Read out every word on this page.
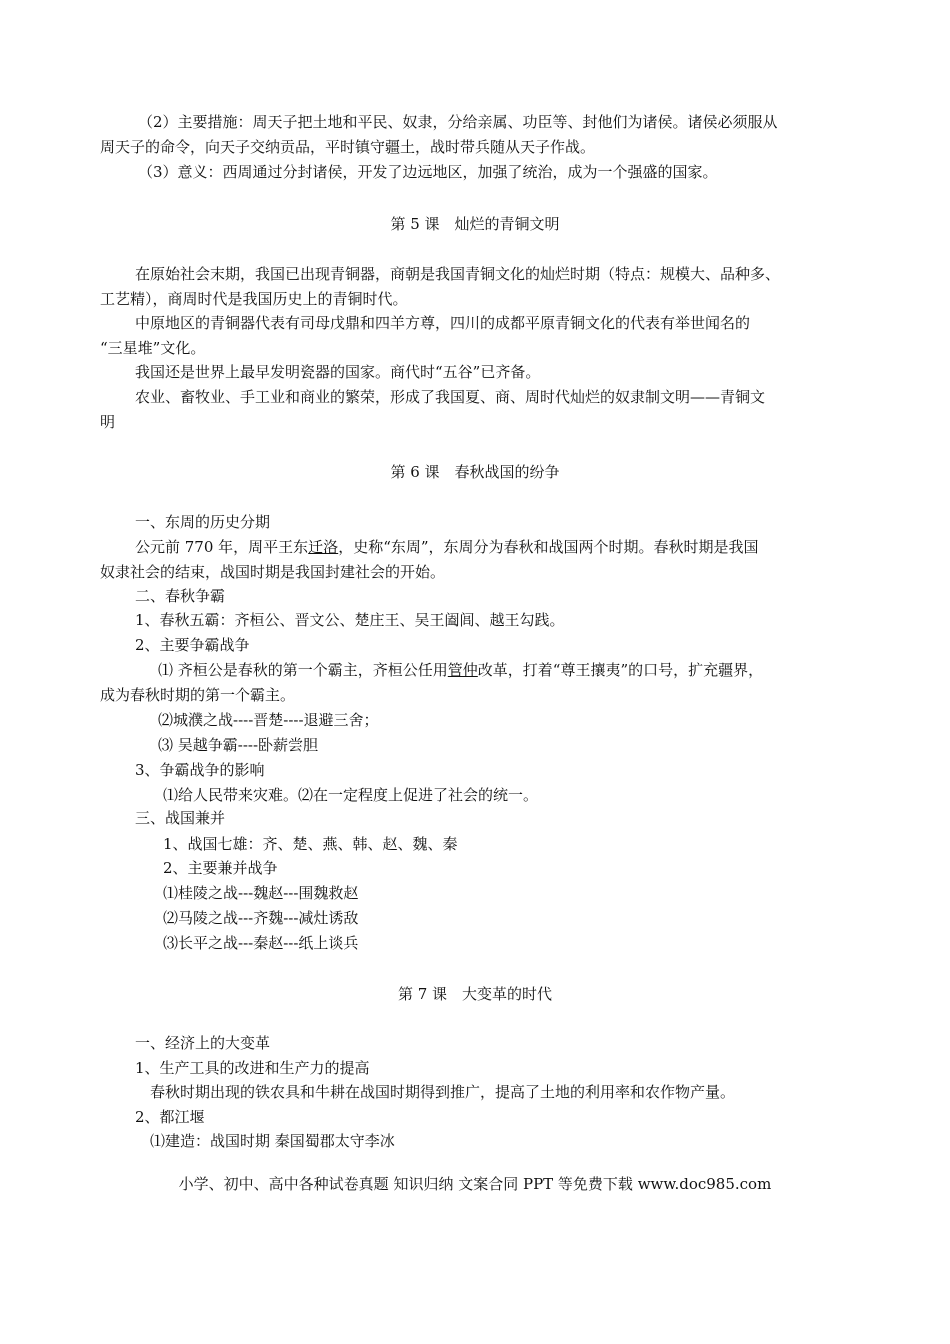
（2）主要措施：周天子把土地和平民、奴隶，分给亲属、功臣等、封他们为诸侯。诸侯必须服从
周天子的命令，向天子交纳贡品，平时镇守疆土，战时带兵随从天子作战。
（3）意义：西周通过分封诸侯，开发了边远地区，加强了统治，成为一个强盛的国家。
第 5 课　灿烂的青铜文明
在原始社会末期，我国已出现青铜器，商朝是我国青铜文化的灿烂时期（特点：规模大、品种多、
工艺精），商周时代是我国历史上的青铜时代。
中原地区的青铜器代表有司母戊鼎和四羊方尊，四川的成都平原青铜文化的代表有举世闻名的
“三星堆”文化。
我国还是世界上最早发明瓷器的国家。商代时“五谷”已齐备。
农业、畜牧业、手工业和商业的繁荣，形成了我国夏、商、周时代灿烂的奴隶制文明——青铜文
明
第 6 课　春秋战国的纷争
一、东周的历史分期
公元前 770 年，周平王东迁洛，史称“东周”，东周分为春秋和战国两个时期。春秋时期是我国
奴隶社会的结束，战国时期是我国封建社会的开始。
二、春秋争霸
1、春秋五霸：齐桓公、晋文公、楚庄王、吴王阖闾、越王勾践。
2、主要争霸战争
⑴ 齐桓公是春秋的第一个霸主，齐桓公任用管仲改革，打着“尊王攘夷”的口号，扩充疆界，
成为春秋时期的第一个霸主。
⑵城濮之战----晋楚----退避三舍；
⑶ 吴越争霸----卧薪尝胆
3、争霸战争的影响
⑴给人民带来灾难。⑵在一定程度上促进了社会的统一。
三、战国兼并
1、战国七雄：齐、楚、燕、韩、赵、魏、秦
2、主要兼并战争
⑴桂陵之战---魏赵---围魏救赵
⑵马陵之战---齐魏---减灶诱敌
⑶长平之战---秦赵---纸上谈兵
第 7 课　大变革的时代
一、经济上的大变革
1、生产工具的改进和生产力的提高
春秋时期出现的铁农具和牛耕在战国时期得到推广，提高了土地的利用率和农作物产量。
2、都江堰
⑴建造：战国时期 秦国蜀郡太守李冰
小学、初中、高中各种试卷真题 知识归纳 文案合同 PPT 等免费下载 www.doc985.com
